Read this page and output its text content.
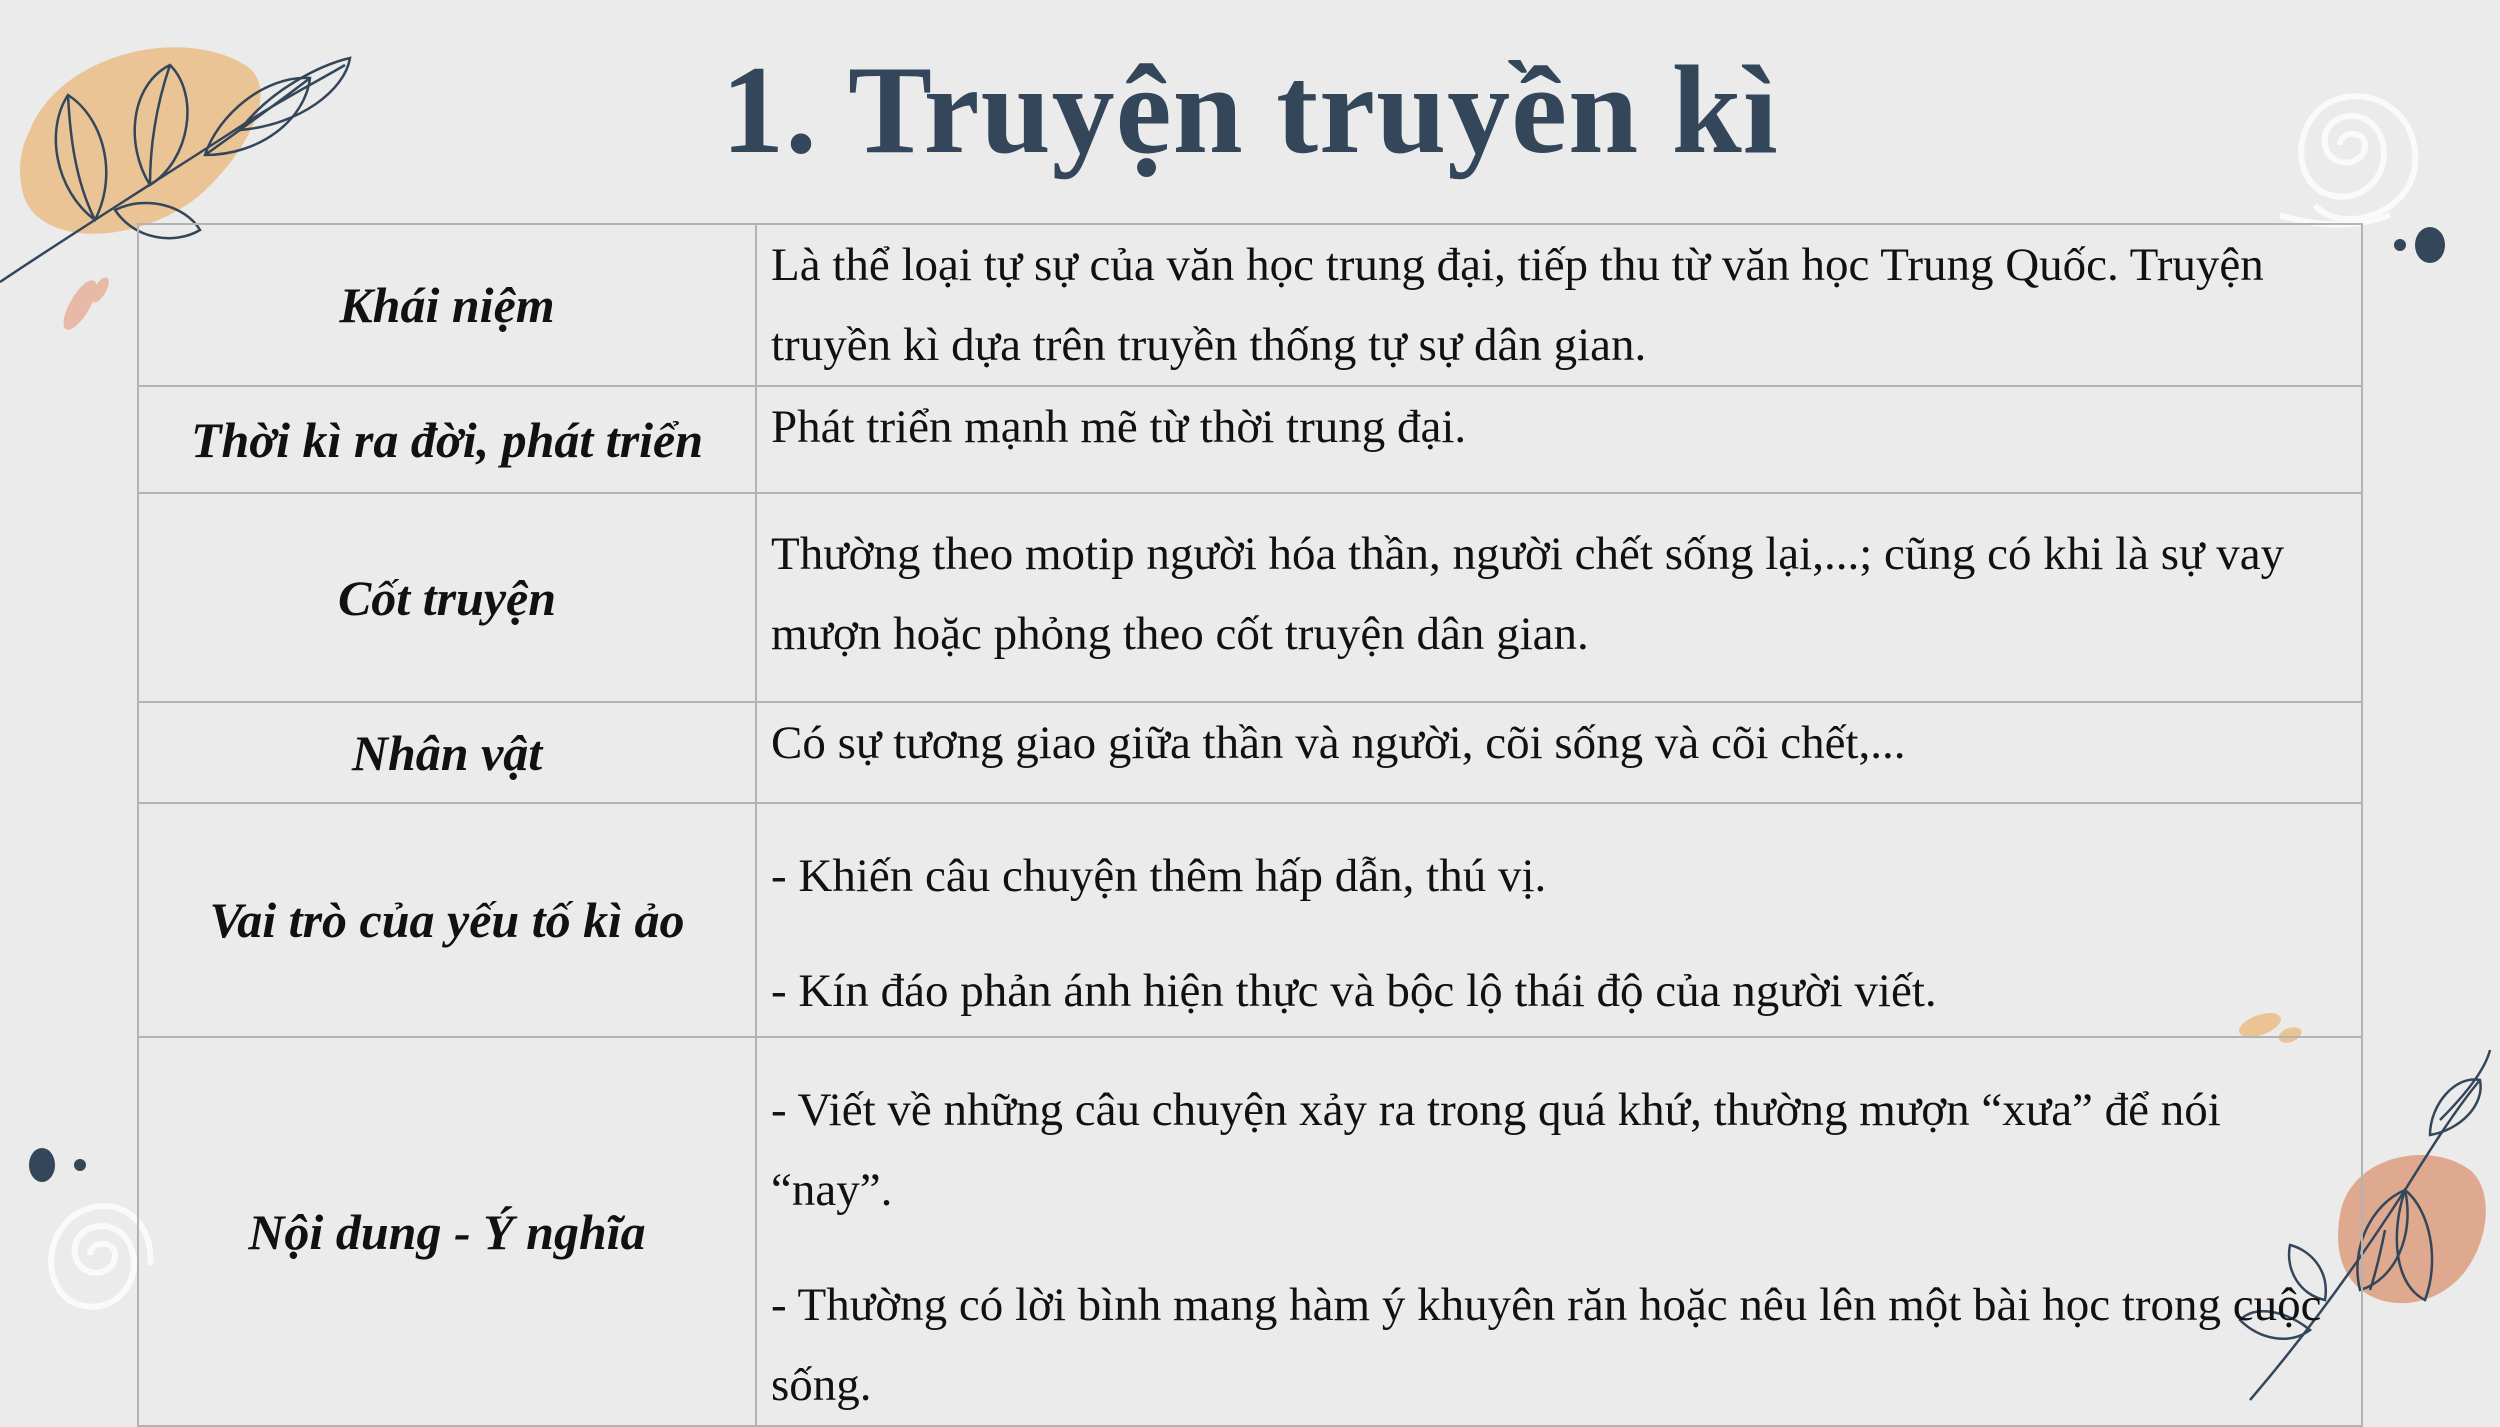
1. Truyện truyền kì
Khái niệm	Là thể loại tự sự của văn học trung đại, tiếp thu từ văn học Trung Quốc. Truyện truyền kì dựa trên truyền thống tự sự dân gian.

Thời kì ra đời, phát triển	Phát triển mạnh mẽ từ thời trung đại.

Cốt truyện	Thường theo motip người hóa thần, người chết sống lại,...; cũng có khi là sự vay mượn hoặc phỏng theo cốt truyện dân gian.

Nhân vật	Có sự tương giao giữa thần và người, cõi sống và cõi chết,...

Vai trò của yếu tố kì ảo	- Khiến câu chuyện thêm hấp dẫn, thú vị.
- Kín đáo phản ánh hiện thực và bộc lộ thái độ của người viết.

Nội dung - Ý nghĩa	- Viết về những câu chuyện xảy ra trong quá khứ, thường mượn “xưa” để nói “nay”.
- Thường có lời bình mang hàm ý khuyên răn hoặc nêu lên một bài học trong cuộc sống.
